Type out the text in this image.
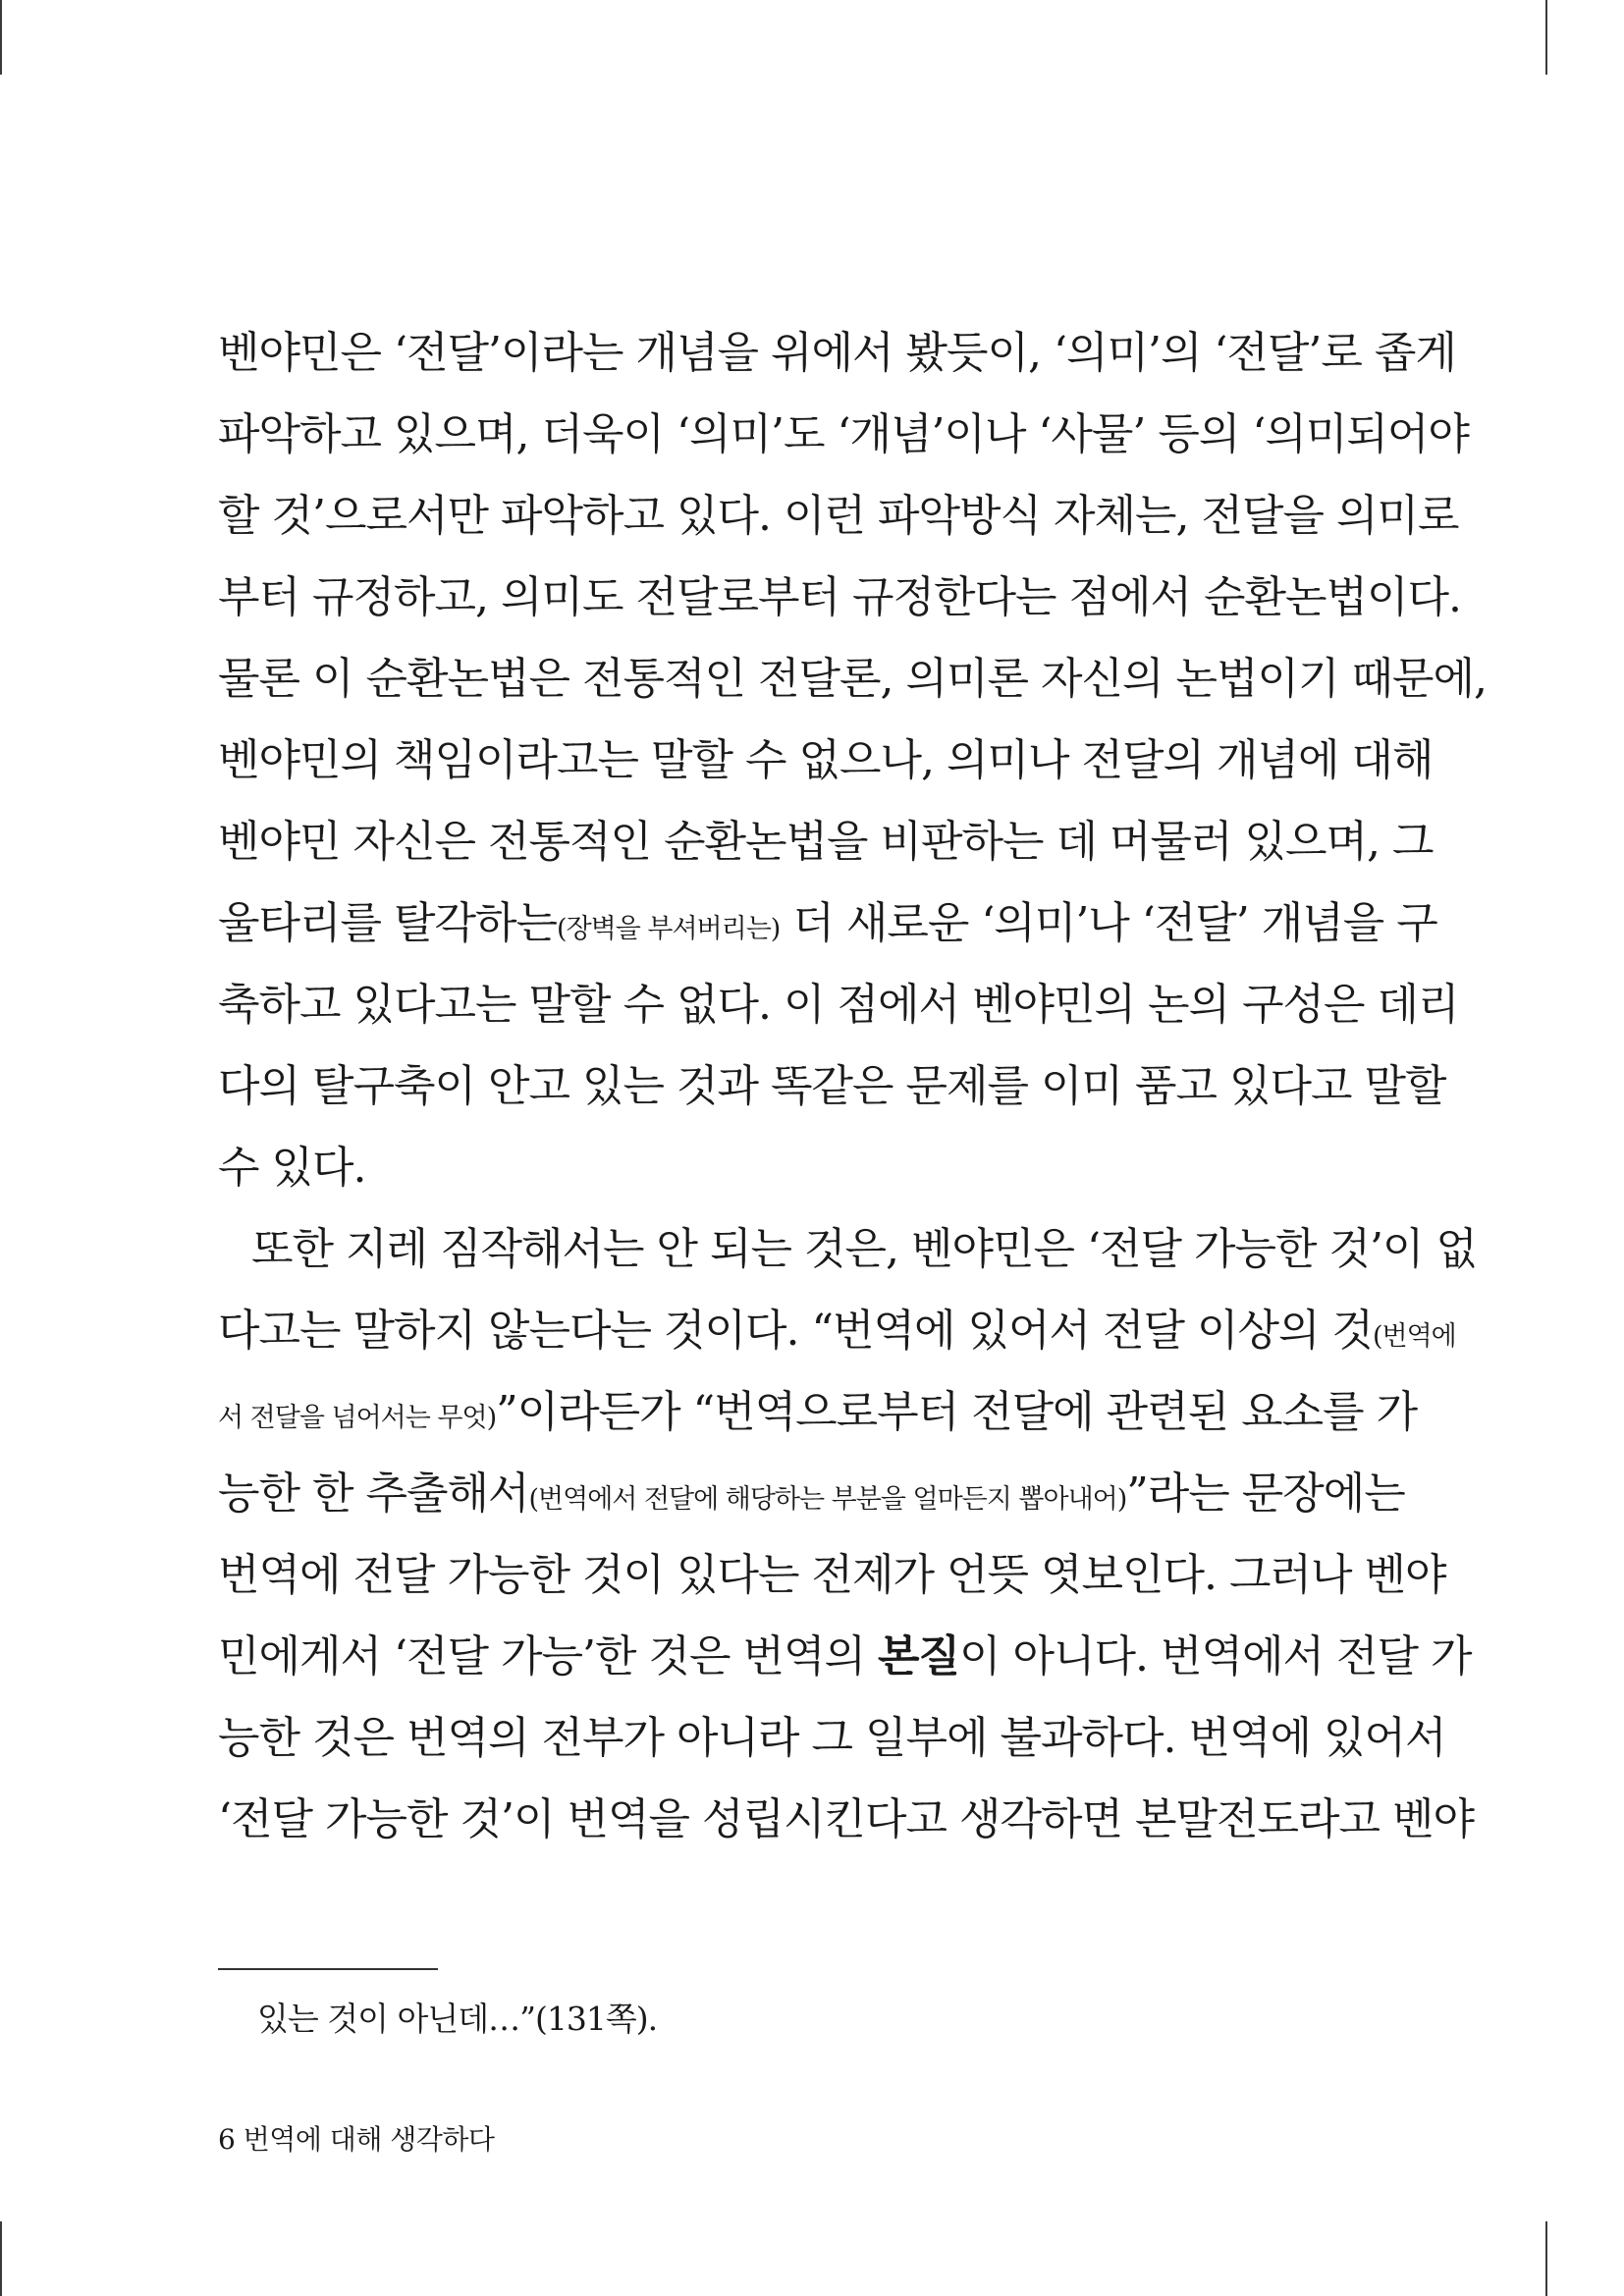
벤야민은 ‘전달’이라는 개념을 위에서 봤듯이, ‘의미’의 ‘전달’로 좁게
파악하고 있으며, 더욱이 ‘의미’도 ‘개념’이나 ‘사물’ 등의 ‘의미되어야
할 것’으로서만 파악하고 있다. 이런 파악방식 자체는, 전달을 의미로
부터 규정하고, 의미도 전달로부터 규정한다는 점에서 순환논법이다.
물론 이 순환논법은 전통적인 전달론, 의미론 자신의 논법이기 때문에,
벤야민의 책임이라고는 말할 수 없으나, 의미나 전달의 개념에 대해
벤야민 자신은 전통적인 순환논법을 비판하는 데 머물러 있으며, 그
울타리를 탈각하는(장벽을 부셔버리는) 더 새로운 ‘의미’나 ‘전달’ 개념을 구
축하고 있다고는 말할 수 없다. 이 점에서 벤야민의 논의 구성은 데리
다의 탈구축이 안고 있는 것과 똑같은 문제를 이미 품고 있다고 말할
수 있다.
또한 지레 짐작해서는 안 되는 것은, 벤야민은 ‘전달 가능한 것’이 없
다고는 말하지 않는다는 것이다. “번역에 있어서 전달 이상의 것(번역에
서 전달을 넘어서는 무엇)”이라든가 “번역으로부터 전달에 관련된 요소를 가
능한 한 추출해서(번역에서 전달에 해당하는 부분을 얼마든지 뽑아내어)”라는 문장에는
번역에 전달 가능한 것이 있다는 전제가 언뜻 엿보인다. 그러나 벤야
민에게서 ‘전달 가능’한 것은 번역의 본질이 아니다. 번역에서 전달 가
능한 것은 번역의 전부가 아니라 그 일부에 불과하다. 번역에 있어서
‘전달 가능한 것’이 번역을 성립시킨다고 생각하면 본말전도라고 벤야
있는 것이 아닌데…”(131쪽).
6 번역에 대해 생각하다
